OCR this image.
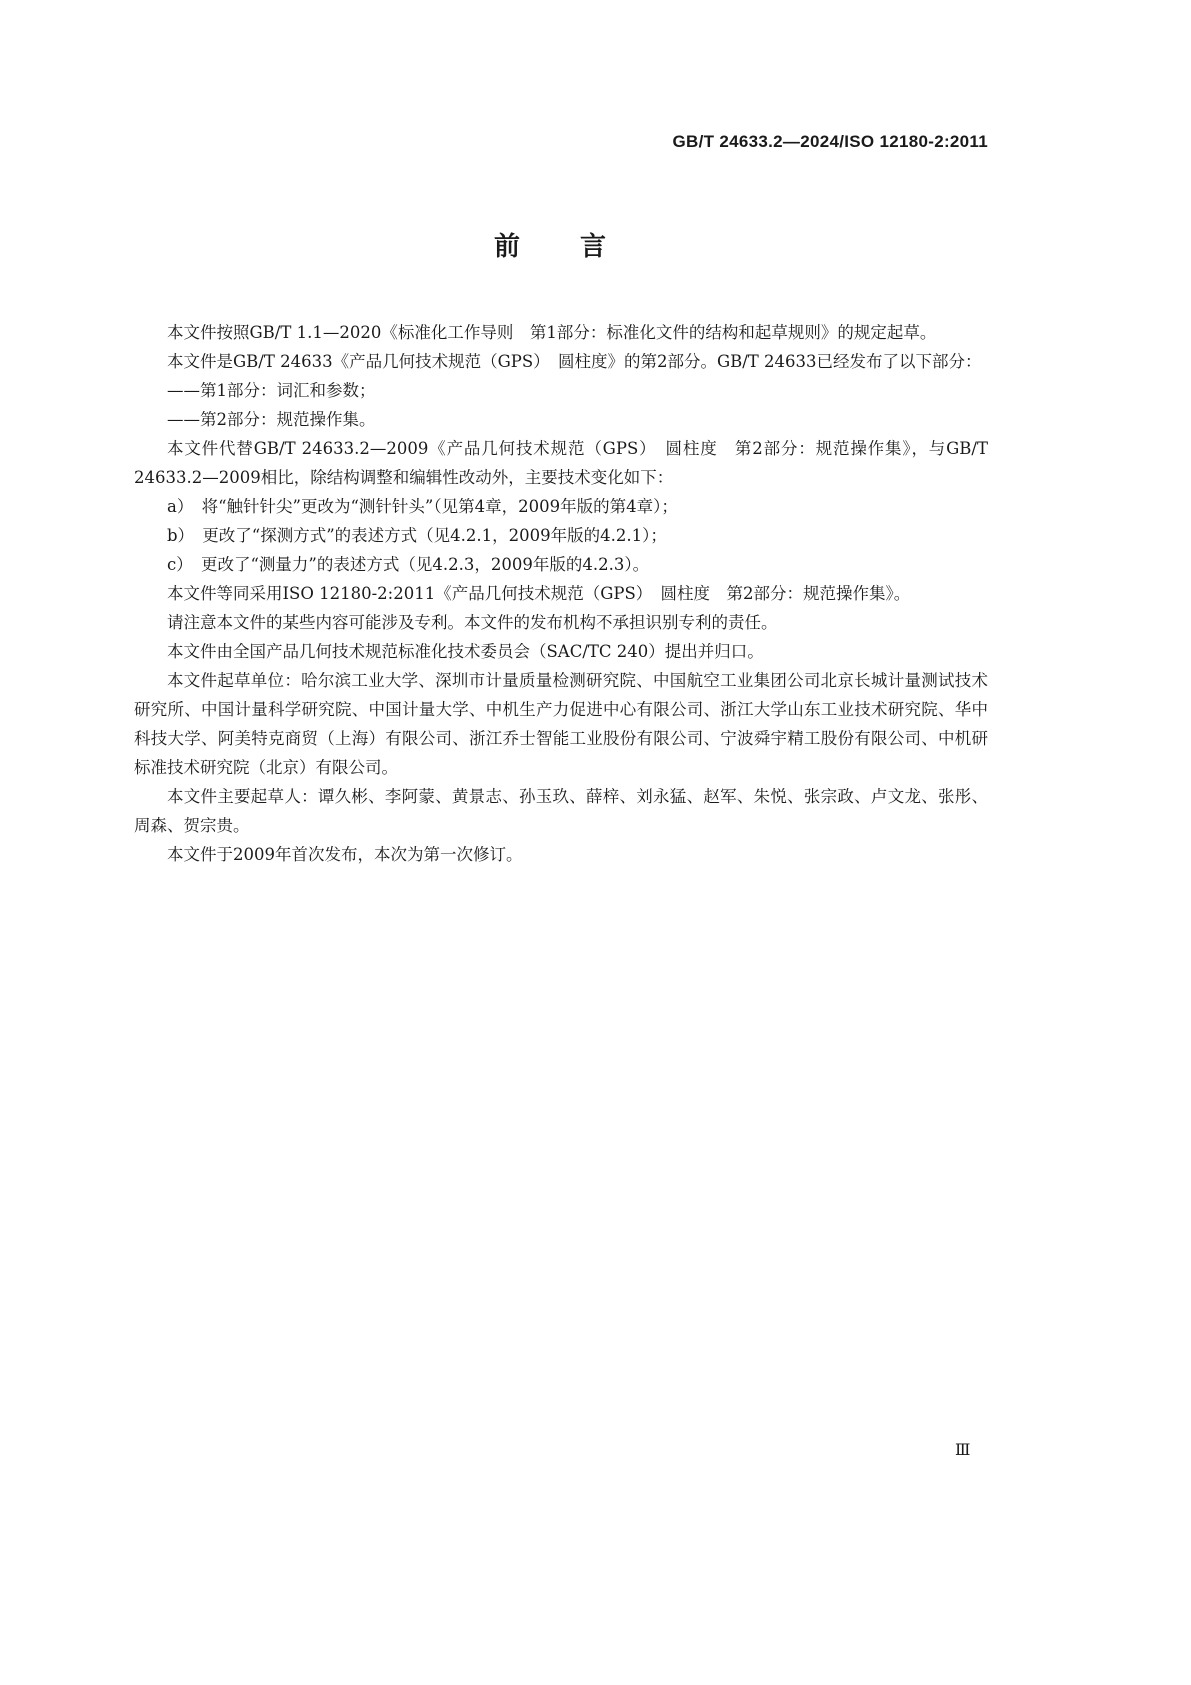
GB/T 24633.2—2024/ISO 12180-2:2011
前言

本文件按照GB/T 1.1—2020《标准化工作导则　第1部分：标准化文件的结构和起草规则》的规定起草。

本文件是GB/T 24633《产品几何技术规范（GPS）　圆柱度》的第2部分。GB/T 24633已经发布了以下部分：

——第1部分：词汇和参数；

——第2部分：规范操作集。

本文件代替GB/T 24633.2—2009《产品几何技术规范（GPS）　圆柱度　第2部分：规范操作集》，与GB/T 24633.2—2009相比，除结构调整和编辑性改动外，主要技术变化如下：

a）　将“触针针尖”更改为“测针针头”（见第4章，2009年版的第4章）；

b）　更改了“探测方式”的表述方式（见4.2.1，2009年版的4.2.1）；

c）　更改了“测量力”的表述方式（见4.2.3，2009年版的4.2.3）。

本文件等同采用ISO 12180-2:2011《产品几何技术规范（GPS）　圆柱度　第2部分：规范操作集》。

请注意本文件的某些内容可能涉及专利。本文件的发布机构不承担识别专利的责任。

本文件由全国产品几何技术规范标准化技术委员会（SAC/TC 240）提出并归口。

本文件起草单位：哈尔滨工业大学、深圳市计量质量检测研究院、中国航空工业集团公司北京长城计量测试技术研究所、中国计量科学研究院、中国计量大学、中机生产力促进中心有限公司、浙江大学山东工业技术研究院、华中科技大学、阿美特克商贸（上海）有限公司、浙江乔士智能工业股份有限公司、宁波舜宇精工股份有限公司、中机研标准技术研究院（北京）有限公司。

本文件主要起草人：谭久彬、李阿蒙、黄景志、孙玉玖、薛梓、刘永猛、赵军、朱悦、张宗政、卢文龙、张彤、周森、贺宗贵。

本文件于2009年首次发布，本次为第一次修订。

Ⅲ
